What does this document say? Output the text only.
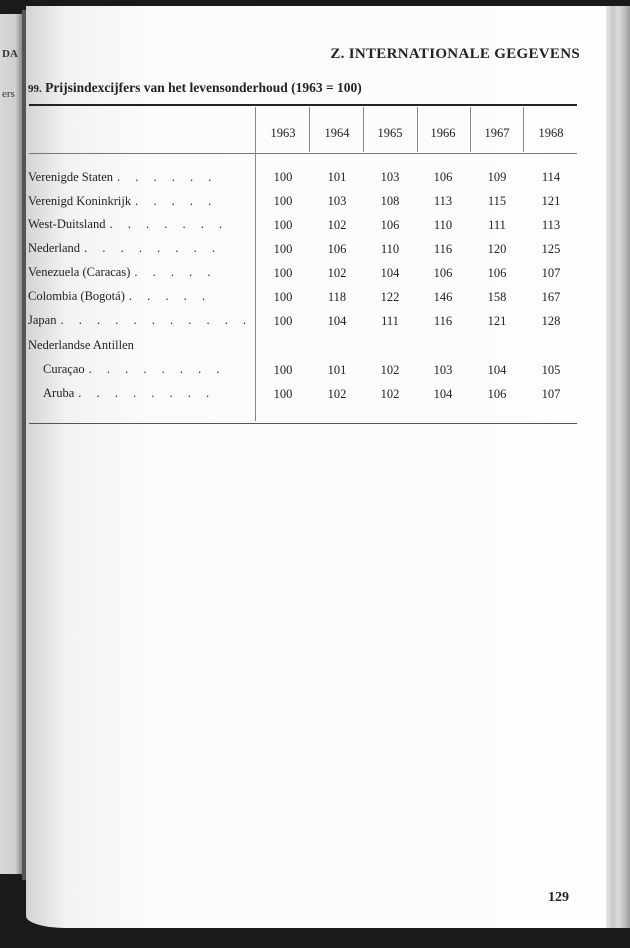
DA
ers
Z. INTERNATIONALE GEGEVENS
99. Prijsindexcijfers van het levensonderhoud (1963 = 100)
1963	1964	1965	1966	1967	1968
Verenigde Staten . . . . . .	100	101	103	106	109	114
Verenigd Koninkrijk . . . . .	100	103	108	113	115	121
West-Duitsland . . . . . . .	100	102	106	110	111	113
Nederland . . . . . . . .	100	106	110	116	120	125
Venezuela (Caracas) . . . . .	100	102	104	106	106	107
Colombia (Bogotá) . . . . .	100	118	122	146	158	167
Japan . . . . . . . . . . .	100	104	111	116	121	128
Nederlandse Antillen
Curaçao . . . . . . . .	100	101	102	103	104	105
Aruba . . . . . . . .	100	102	102	104	106	107
129
